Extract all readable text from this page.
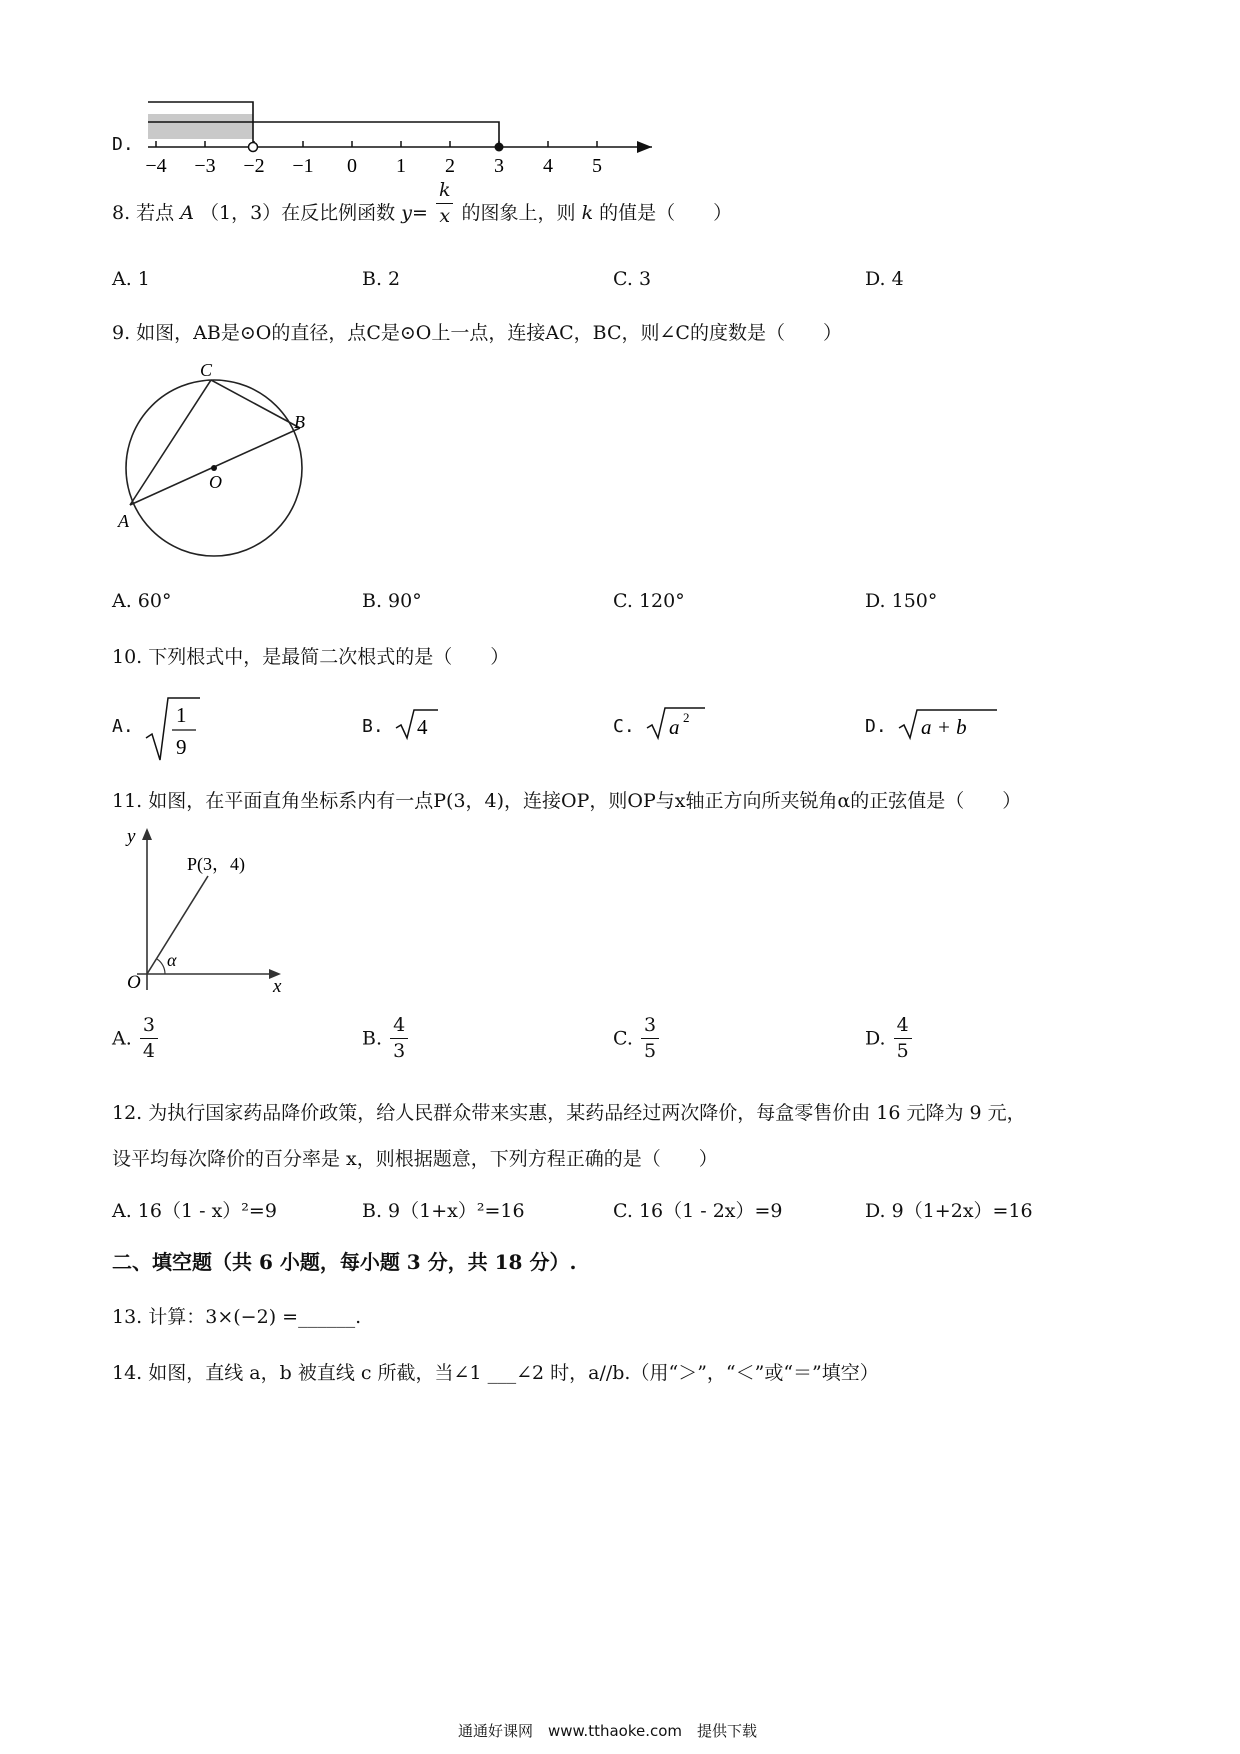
D.
−4 −3 −2 −1 0 1 2 3 4 5
8. 若点 A （1，3）在反比例函数 $y= \frac{k}{x}$ 的图象上，则 k 的值是（　　）
A. 1	B. 2	C. 3	D. 4
9. 如图，AB是⊙O的直径，点C是⊙O上一点，连接AC，BC，则∠C的度数是（　　）
C
B
O
A
A. 60°	B. 90°	C. 120°	D. 150°
10. 下列根式中，是最简二次根式的是（　　）
A. 1
9
B. 4	C. a 2	D. a + b
11. 如图，在平面直角坐标系内有一点P(3，4)，连接OP，则OP与x轴正方向所夹锐角α的正弦值是（　　）
y
x
O
α
P(3，4)
A. $\frac{3}{4}$	B. $\frac{4}{3}$	C. $\frac{3}{5}$	D. $\frac{4}{5}$
12. 为执行国家药品降价政策，给人民群众带来实惠，某药品经过两次降价，每盒零售价由 16 元降为 9 元，
设平均每次降价的百分率是 x，则根据题意，下列方程正确的是（　　）
A. 16（1 - x）²=9	B. 9（1+x）²=16	C. 16（1 - 2x）=9	D. 9（1+2x）=16
二、填空题（共 6 小题，每小题 3 分，共 18 分）.
13. 计算：3×(−2) =______.
14. 如图，直线 a，b 被直线 c 所截，当∠1 ___∠2 时，a//b.（用“＞”，“＜”或“＝”填空）
通通好课网　www.tthaoke.com　提供下载
